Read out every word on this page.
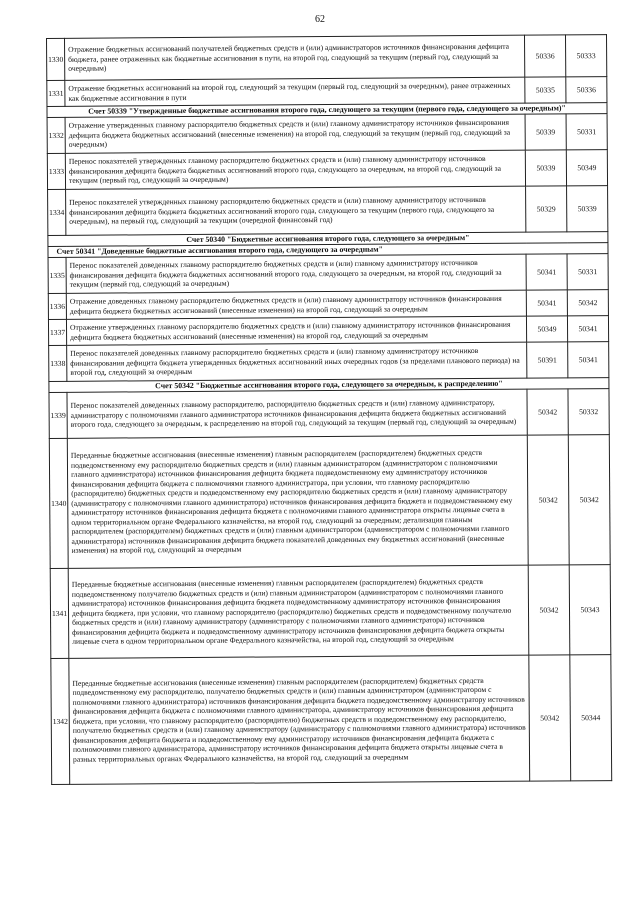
62
1330	Отражение бюджетных ассигнований получателей бюджетных средств и (или) администраторов источников финансирования дефицита бюджета, ранее отраженных как бюджетные ассигнования в пути, на второй год, следующий за текущим (первый год, следующий за очередным)	50336	50333
1331	Отражение бюджетных ассигнований на второй год, следующий за текущим (первый год, следующий за очередным), ранее отраженных как бюджетные ассигнования в пути	50335	50336
Счет 50339 "Утвержденные бюджетные ассигнования второго года, следующего за текущим (первого года, следующего за очередным)"			
1332	Отражение утвержденных главному распорядителю бюджетных средств и (или) главному администратору источников финансирования дефицита бюджета бюджетных ассигнований (внесенные изменения) на второй год, следующий за текущим (первый год, следующий за очередным)	50339	50331
1333	Перенос показателей утвержденных главному распорядителю бюджетных средств и (или) главному администратору источников финансирования дефицита бюджета бюджетных ассигнований второго года, следующего за очередным, на второй год, следующий за текущим (первый год, следующий за очередным)	50339	50349
1334	Перенос показателей утвержденных главному распорядителю бюджетных средств и (или) главному администратору источников финансирования дефицита бюджета бюджетных ассигнований второго года, следующего за текущим (первого года, следующего за очередным), на первый год, следующий за текущим (очередной финансовый год)	50329	50339
Счет 50340 "Бюджетные ассигнования второго года, следующего за очередным"			
Счет 50341 "Доведенные бюджетные ассигнования второго года, следующего за очередным"			
1335	Перенос показателей доведенных главному распорядителю бюджетных средств и (или) главному администратору источников финансирования дефицита бюджета бюджетных ассигнований второго года, следующего за очередным, на второй год, следующий за текущим (первый год, следующий за очередным)	50341	50331
1336	Отражение доведенных главному распорядителю бюджетных средств и (или) главному администратору источников финансирования дефицита бюджета бюджетных ассигнований (внесенные изменения) на второй год, следующий за очередным	50341	50342
1337	Отражение утвержденных главному распорядителю бюджетных средств и (или) главному администратору источников финансирования дефицита бюджета бюджетных ассигнований (внесенные изменения) на второй год, следующий за очередным	50349	50341
1338	Перенос показателей доведенных главному распорядителю бюджетных средств и (или) главному администратору источников финансирования дефицита бюджета утвержденных бюджетных ассигнований иных очередных годов (за пределами планового периода) на второй год, следующий за очередным	50391	50341
Счет 50342 "Бюджетные ассигнования второго года, следующего за очередным, к распределению"			
1339	Перенос показателей доведенных главному распорядителю, распорядителю бюджетных средств и (или) главному администратору, администратору с полномочиями главного администратора источников финансирования дефицита бюджета бюджетных ассигнований второго года, следующего за очередным, к распределению на второй год, следующий за текущим (первый год, следующий за очередным)	50342	50332
1340	Переданные бюджетные ассигнования (внесенные изменения) главным распорядителем (распорядителем) бюджетных средств подведомственному ему распорядителю бюджетных средств и (или) главным администратором (администратором с полномочиями главного администратора) источников финансирования дефицита бюджета подведомственному ему администратору источников финансирования дефицита бюджета с полномочиями главного администратора, при условии, что главному распорядителю (распорядителю) бюджетных средств и подведомственному ему распорядителю бюджетных средств и (или) главному администратору (администратору с полномочиями главного администратора) источников финансирования дефицита бюджета и подведомственному ему администратору источников финансирования дефицита бюджета с полномочиями главного администратора открыты лицевые счета в одном территориальном органе Федерального казначейства, на второй год, следующий за очередным; детализация главным распорядителем (распорядителем) бюджетных средств и (или) главным администратором (администратором с полномочиями главного администратора) источников финансирования дефицита бюджета показателей доведенных ему бюджетных ассигнований (внесенные изменения) на второй год, следующий за очередным	50342	50342
1341	Переданные бюджетные ассигнования (внесенные изменения) главным распорядителем (распорядителем) бюджетных средств подведомственному получателю бюджетных средств и (или) главным администратором (администратором с полномочиями главного администратора) источников финансирования дефицита бюджета подведомственному администратору источников финансирования дефицита бюджета, при условии, что главному распорядителю (распорядителю) бюджетных средств и подведомственному получателю бюджетных средств и (или) главному администратору (администратору с полномочиями главного администратора) источников финансирования дефицита бюджета и подведомственному администратору источников финансирования дефицита бюджета открыты лицевые счета в одном территориальном органе Федерального казначейства, на второй год, следующий за очередным	50342	50343
1342	Переданные бюджетные ассигнования (внесенные изменения) главным распорядителем (распорядителем) бюджетных средств подведомственному ему распорядителю, получателю бюджетных средств и (или) главным администратором (администратором с полномочиями главного администратора) источников финансирования дефицита бюджета подведомственному администратору источников финансирования дефицита бюджета с полномочиями главного администратора, администратору источников финансирования дефицита бюджета, при условии, что главному распорядителю (распорядителю) бюджетных средств и подведомственному ему распорядителю, получателю бюджетных средств и (или) главному администратору (администратору с полномочиями главного администратора) источников финансирования дефицита бюджета и подведомственному ему администратору источников финансирования дефицита бюджета с полномочиями главного администратора, администратору источников финансирования дефицита бюджета открыты лицевые счета в разных территориальных органах Федерального казначейства, на второй год, следующий за очередным	50342	50344
